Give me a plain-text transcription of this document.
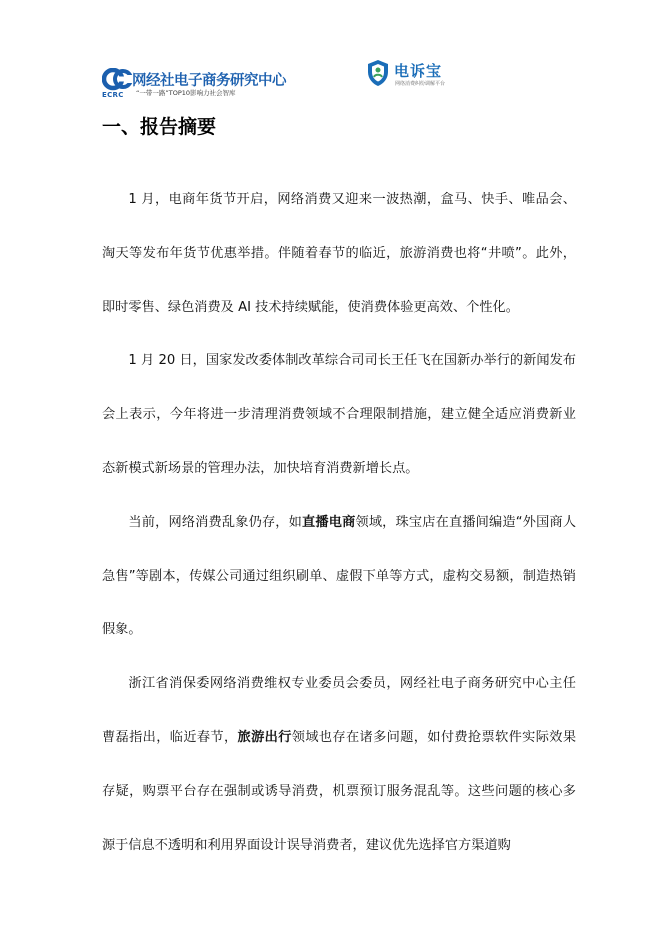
网经社电子商务研究中心
“一带一路”TOP10影响力社会智库
ECRC
电诉宝
网络消费纠纷调解平台
一、报告摘要

1 月，电商年货节开启，网络消费又迎来一波热潮，盒马、快手、唯品会、淘天等发布年货节优惠举措。伴随着春节的临近，旅游消费也将“井喷”。此外，即时零售、绿色消费及 AI 技术持续赋能，使消费体验更高效、个性化。

1 月 20 日，国家发改委体制改革综合司司长王任飞在国新办举行的新闻发布会上表示，今年将进一步清理消费领域不合理限制措施，建立健全适应消费新业态新模式新场景的管理办法，加快培育消费新增长点。

当前，网络消费乱象仍存，如直播电商领域，珠宝店在直播间编造“外国商人急售”等剧本，传媒公司通过组织刷单、虚假下单等方式，虚构交易额，制造热销假象。

浙江省消保委网络消费维权专业委员会委员，网经社电子商务研究中心主任曹磊指出，临近春节，旅游出行领域也存在诸多问题，如付费抢票软件实际效果存疑，购票平台存在强制或诱导消费，机票预订服务混乱等。这些问题的核心多源于信息不透明和利用界面设计误导消费者，建议优先选择官方渠道购
